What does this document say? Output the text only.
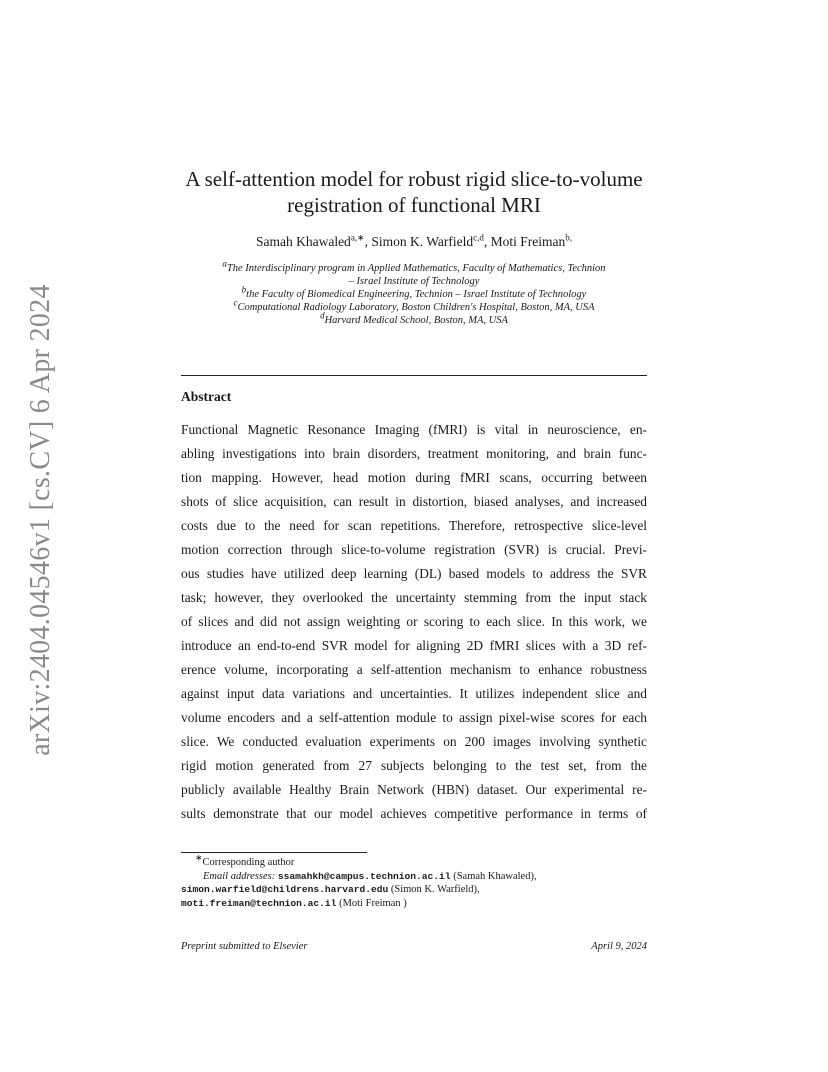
arXiv:2404.04546v1 [cs.CV] 6 Apr 2024
A self-attention model for robust rigid slice-to-volume
registration of functional MRI
Samah Khawaled$^{a,∗}$, Simon K. Warfield$^{c,d}$, Moti Freiman$^{b,}$
$^a$The Interdisciplinary program in Applied Mathematics, Faculty of Mathematics, Technion
– Israel Institute of Technology
$^b$the Faculty of Biomedical Engineering, Technion – Israel Institute of Technology
$^c$Computational Radiology Laboratory, Boston Children's Hospital, Boston, MA, USA
$^d$Harvard Medical School, Boston, MA, USA
Abstract
Functional Magnetic Resonance Imaging (fMRI) is vital in neuroscience, en-
abling investigations into brain disorders, treatment monitoring, and brain func-
tion mapping. However, head motion during fMRI scans, occurring between
shots of slice acquisition, can result in distortion, biased analyses, and increased
costs due to the need for scan repetitions. Therefore, retrospective slice-level
motion correction through slice-to-volume registration (SVR) is crucial. Previ-
ous studies have utilized deep learning (DL) based models to address the SVR
task; however, they overlooked the uncertainty stemming from the input stack
of slices and did not assign weighting or scoring to each slice. In this work, we
introduce an end-to-end SVR model for aligning 2D fMRI slices with a 3D ref-
erence volume, incorporating a self-attention mechanism to enhance robustness
against input data variations and uncertainties. It utilizes independent slice and
volume encoders and a self-attention module to assign pixel-wise scores for each
slice. We conducted evaluation experiments on 200 images involving synthetic
rigid motion generated from 27 subjects belonging to the test set, from the
publicly available Healthy Brain Network (HBN) dataset. Our experimental re-
sults demonstrate that our model achieves competitive performance in terms of
∗Corresponding author
Email addresses: ssamahkh@campus.technion.ac.il (Samah Khawaled),
simon.warfield@childrens.harvard.edu (Simon K. Warfield),
moti.freiman@technion.ac.il (Moti Freiman )
Preprint submitted to Elsevier	April 9, 2024
